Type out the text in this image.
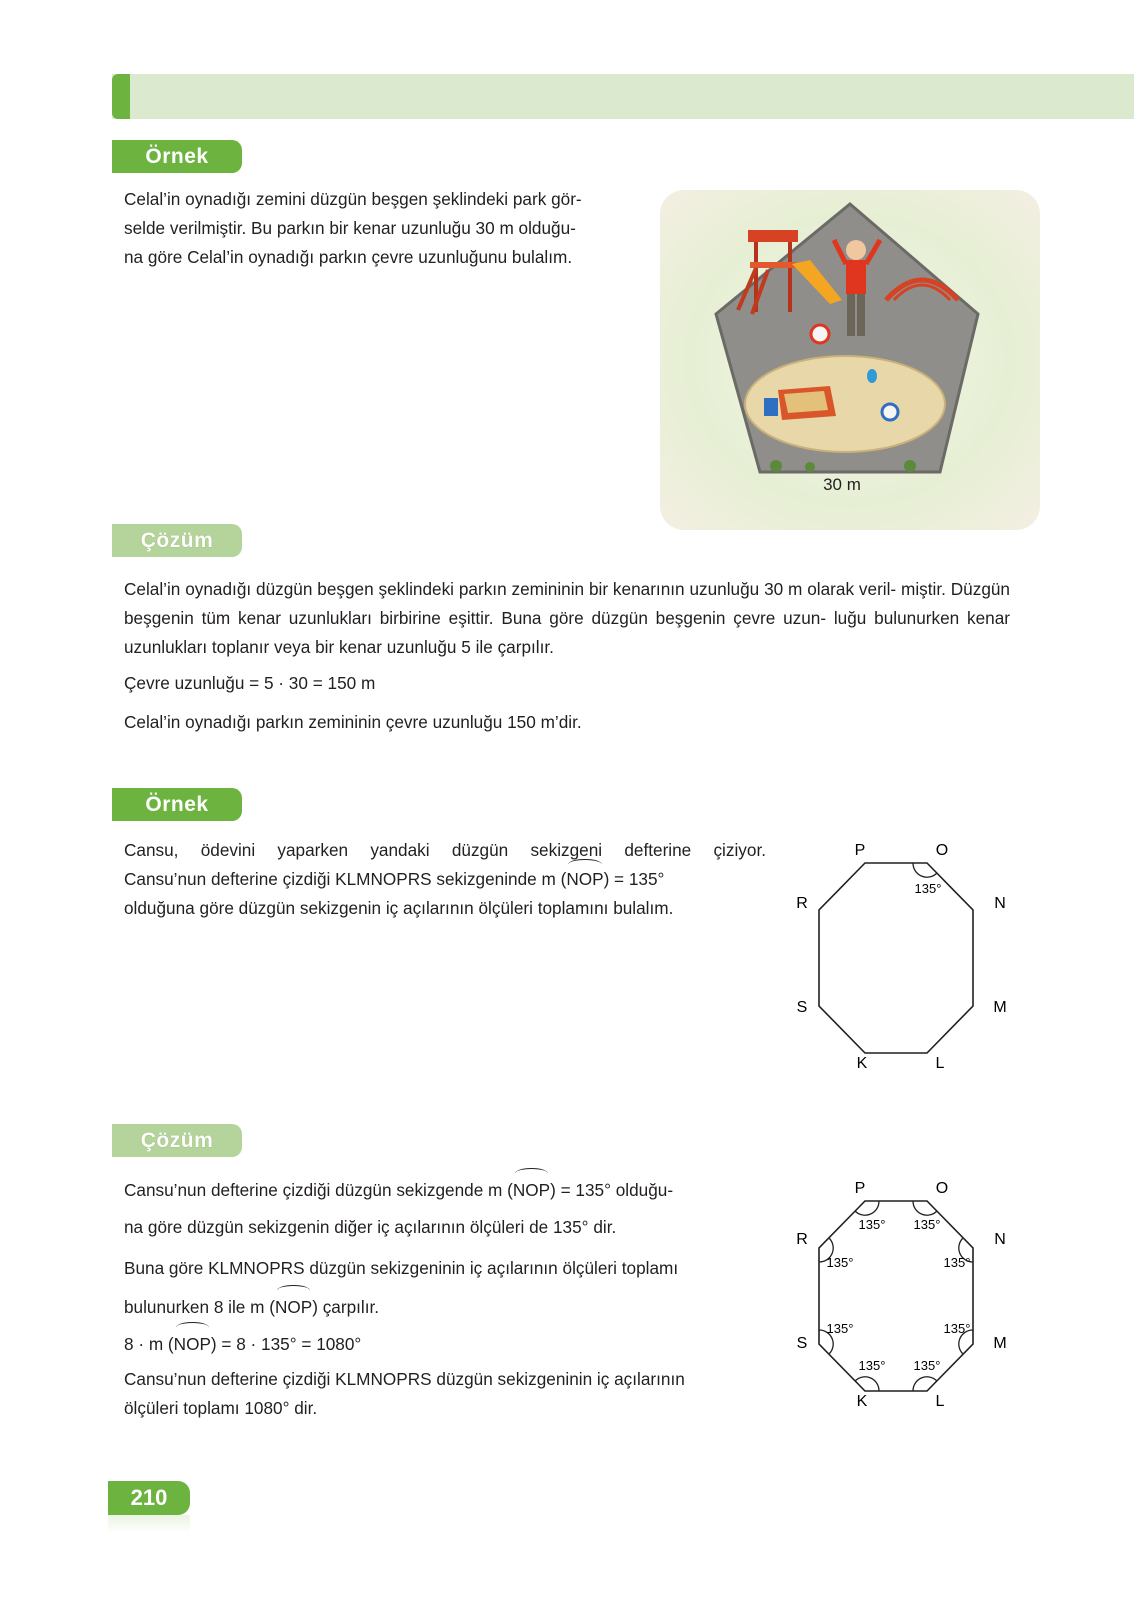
Örnek

Celal’in oynadığı zemini düzgün beşgen şeklindeki park gör-

selde verilmiştir. Bu parkın bir kenar uzunluğu 30 m olduğu-

na göre Celal’in oynadığı parkın çevre uzunluğunu bulalım.

30 m
Çözüm

Celal’in oynadığı düzgün beşgen şeklindeki parkın zemininin bir kenarının uzunluğu 30 m olarak veril- miştir. Düzgün beşgenin tüm kenar uzunlukları birbirine eşittir. Buna göre düzgün beşgenin çevre uzun- luğu bulunurken kenar uzunlukları toplanır veya bir kenar uzunluğu 5 ile çarpılır.

Çevre uzunluğu = 5 · 30 = 150 m
Celal’in oynadığı parkın zemininin çevre uzunluğu 150 m’dir.
Örnek

Cansu, ödevini yaparken yandaki düzgün sekizgeni defterine çiziyor.

Cansu’nun defterine çizdiği KLMNOPRS sekizgeninde m (NOP) = 135°

olduğuna göre düzgün sekizgenin iç açılarının ölçüleri toplamını bulalım.

135°
P	O
N
M
L
K
S
R
Çözüm

Cansu’nun defterine çizdiği düzgün sekizgende m (NOP) = 135° olduğu-

na göre düzgün sekizgenin diğer iç açılarının ölçüleri de 135° dir.

Buna göre KLMNOPRS düzgün sekizgeninin iç açılarının ölçüleri toplamı

bulunurken 8 ile m (NOP) çarpılır.

8 · m (NOP) = 8 · 135° = 1080°

Cansu’nun defterine çizdiği KLMNOPRS düzgün sekizgeninin iç açılarının

ölçüleri toplamı 1080° dir.

135° 135°
135°
135°
135°
135°
135°
135°
P	O
N
M
L
K
S
R
210
